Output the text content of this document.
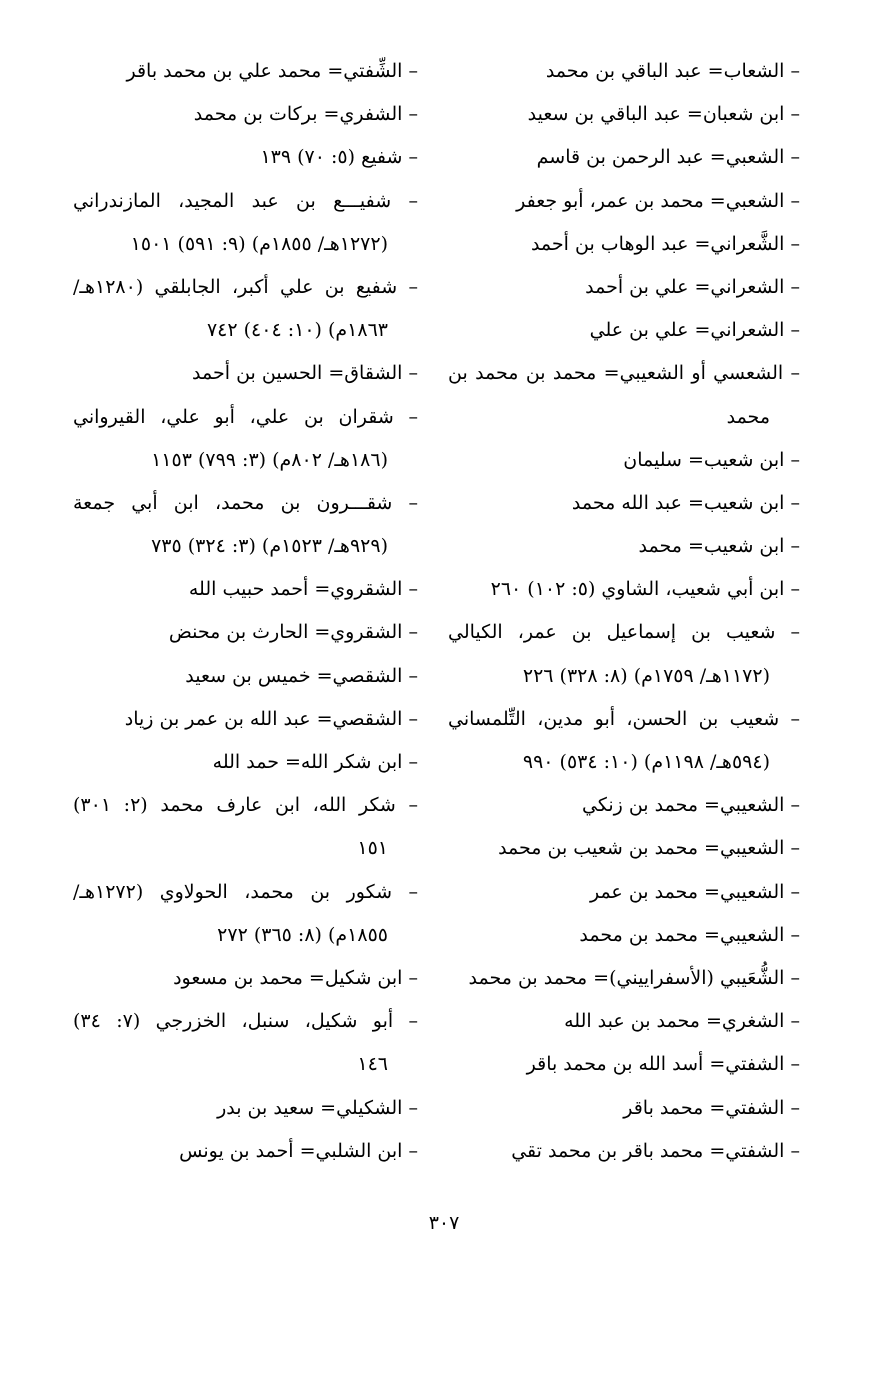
– الشعاب= عبد الباقي بن محمد
– ابن شعبان= عبد الباقي بن سعيد
– الشعبي= عبد الرحمن بن قاسم
– الشعبي= محمد بن عمر، أبو جعفر
– الشَّعراني= عبد الوهاب بن أحمد
– الشعراني= علي بن أحمد
– الشعراني= علي بن علي
– الشعسي أو الشعيبي= محمد بن محمد بن
محمد
– ابن شعيب= سليمان
– ابن شعيب= عبد الله محمد
– ابن شعيب= محمد
– ابن أبي شعيب، الشاوي (٥: ١٠٢) ٢٦٠
– شعيب بن إسماعيل بن عمر، الكيالي
(١١٧٢هـ/ ١٧٥٩م) (٨: ٣٢٨) ٢٢٦
– شعيب بن الحسن، أبو مدين، التِّلمساني
(٥٩٤هـ/ ١١٩٨م) (١٠: ٥٣٤) ٩٩٠
– الشعيبي= محمد بن زنكي
– الشعيبي= محمد بن شعيب بن محمد
– الشعيبي= محمد بن عمر
– الشعيبي= محمد بن محمد
– الشُّعَيبي (الأسفراييني)= محمد بن محمد
– الشغري= محمد بن عبد الله
– الشفتي= أسد الله بن محمد باقر
– الشفتي= محمد باقر
– الشفتي= محمد باقر بن محمد تقي
– الشِّفتي= محمد علي بن محمد باقر
– الشفري= بركات بن محمد
– شفيع (٥: ٧٠) ١٣٩
– شفيـــع بن عبد المجيد، المازندراني
(١٢٧٢هـ/ ١٨٥٥م) (٩: ٥٩١) ١٥٠١
– شفيع بن علي أكبر، الجابلقي (١٢٨٠هـ/
١٨٦٣م) (١٠: ٤٠٤) ٧٤٢
– الشقاق= الحسين بن أحمد
– شقران بن علي، أبو علي، القيرواني
(١٨٦هـ/ ٨٠٢م) (٣: ٧٩٩) ١١٥٣
– شقـــرون بن محمد، ابن أبي جمعة
(٩٢٩هـ/ ١٥٢٣م) (٣: ٣٢٤) ٧٣٥
– الشقروي= أحمد حبيب الله
– الشقروي= الحارث بن محنض
– الشقصي= خميس بن سعيد
– الشقصي= عبد الله بن عمر بن زياد
– ابن شكر الله= حمد الله
– شكر الله، ابن عارف محمد (٢: ٣٠١)
١٥١
– شكور بن محمد، الحولاوي (١٢٧٢هـ/
١٨٥٥م) (٨: ٣٦٥) ٢٧٢
– ابن شكيل= محمد بن مسعود
– أبو شكيل، سنبل، الخزرجي (٧: ٣٤)
١٤٦
– الشكيلي= سعيد بن بدر
– ابن الشلبي= أحمد بن يونس
٣٠٧
